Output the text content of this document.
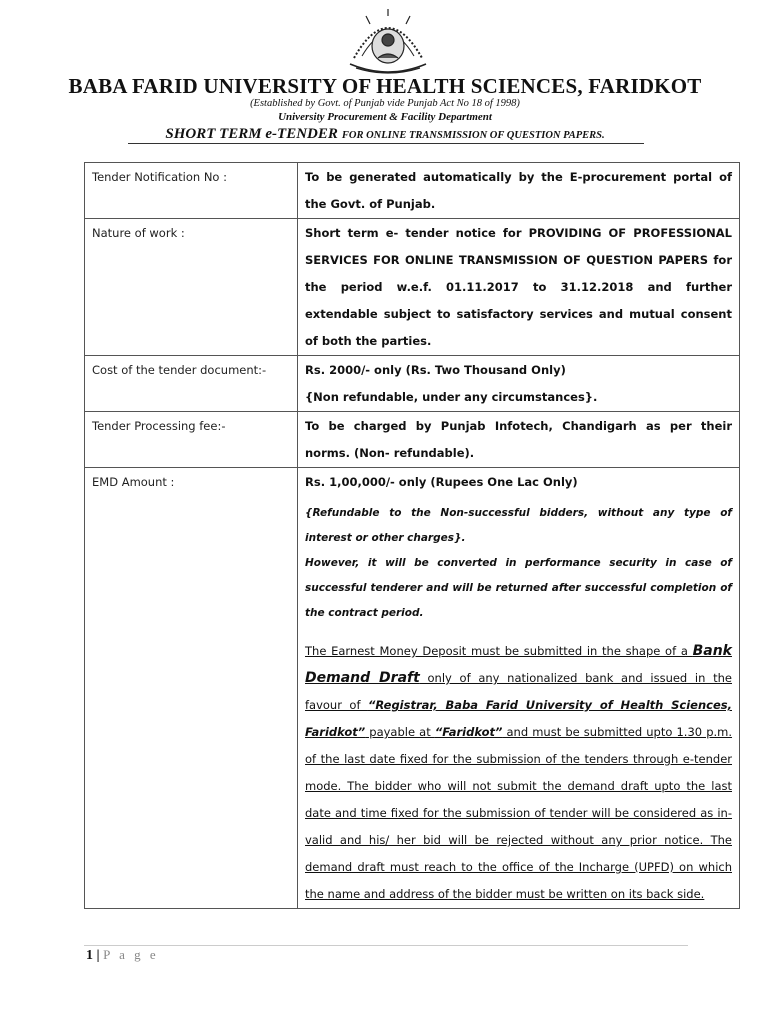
BABA FARID UNIVERSITY OF HEALTH SCIENCES, FARIDKOT
(Established by Govt. of Punjab vide Punjab Act No 18 of 1998)
University Procurement & Facility Department
SHORT TERM e-TENDER FOR ONLINE TRANSMISSION OF QUESTION PAPERS.
Tender Notification No :	To be generated automatically by the E-procurement portal of the Govt. of Punjab.
Nature of work :	Short term e- tender notice for PROVIDING OF PROFESSIONAL SERVICES FOR ONLINE TRANSMISSION OF QUESTION PAPERS for the period w.e.f. 01.11.2017 to 31.12.2018 and further extendable subject to satisfactory services and mutual consent of both the parties.
Cost of the tender document:-	Rs. 2000/- only (Rs. Two Thousand Only)
{Non refundable, under any circumstances}.

Tender Processing fee:-	To be charged by Punjab Infotech, Chandigarh as per their norms. (Non- refundable).
EMD Amount :	Rs. 1,00,000/- only (Rupees One Lac Only)
{Refundable to the Non-successful bidders, without any type of interest or other charges}.
However, it will be converted in performance security in case of successful tenderer and will be returned after successful completion of the contract period.
The Earnest Money Deposit must be submitted in the shape of a Bank Demand Draft only of any nationalized bank and issued in the favour of “Registrar, Baba Farid University of Health Sciences, Faridkot” payable at “Faridkot” and must be submitted upto 1.30 p.m. of the last date fixed for the submission of the tenders through e-tender mode. The bidder who will not submit the demand draft upto the last date and time fixed for the submission of tender will be considered as in-valid and his/ her bid will be rejected without any prior notice. The demand draft must reach to the office of the Incharge (UPFD) on which the name and address of the bidder must be written on its back side.
1 | P a g e
